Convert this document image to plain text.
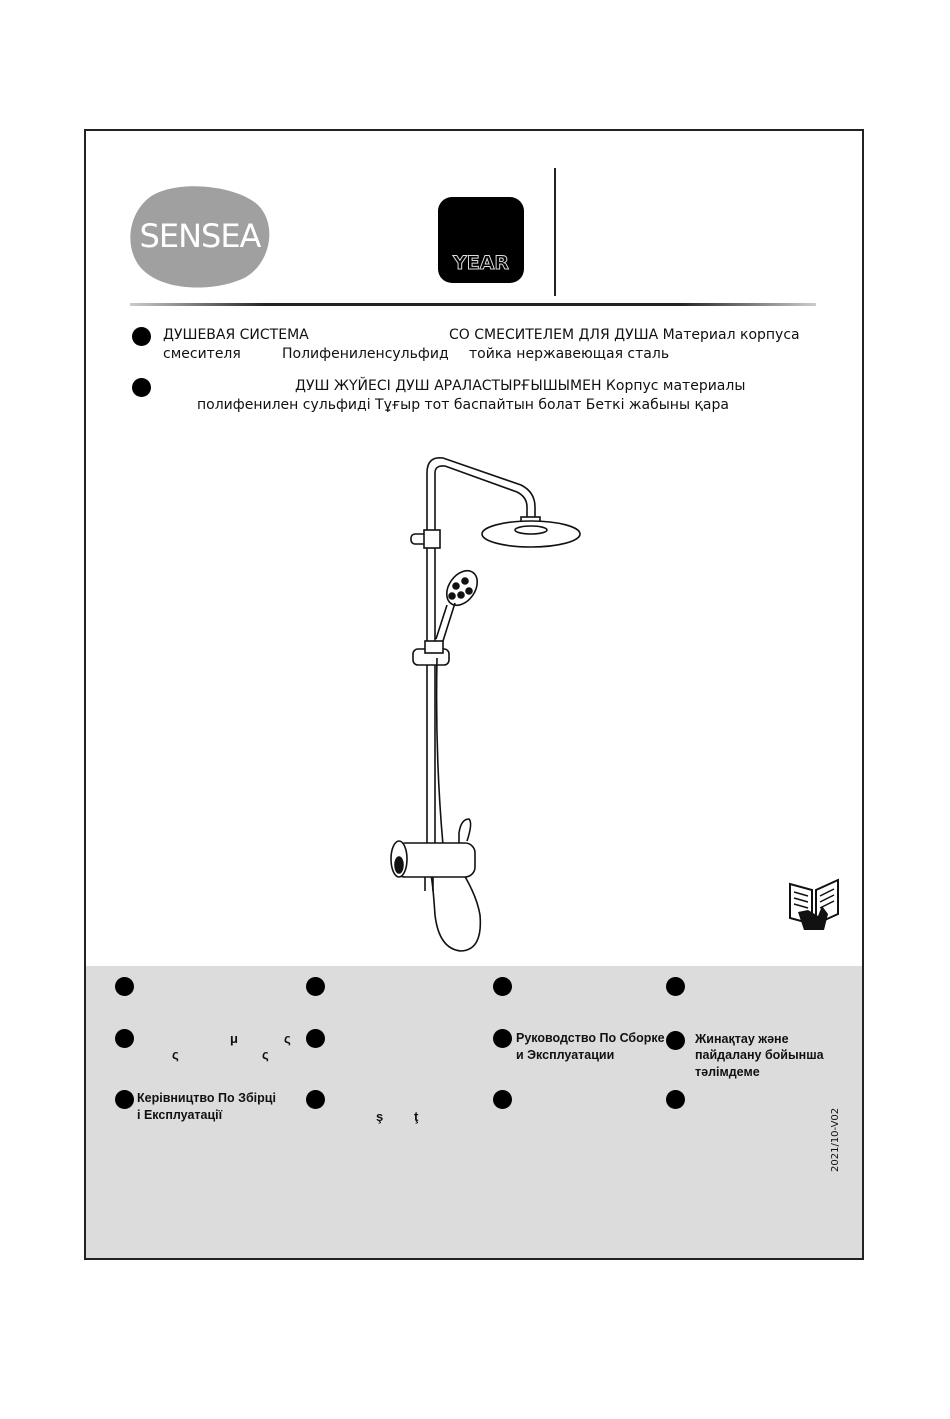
SENSEA
YEAR
ДУШЕВАЯ СИСТЕМА	СО СМЕСИТЕЛЕМ ДЛЯ ДУША Материал корпуса
смесителя	Полифениленсульфид тойка нержавеющая сталь
ДУШ ЖҮЙЕСІ ДУШ АРАЛАСТЫРҒЫШЫМЕН Корпус материалы
полифенилен сульфиді Тұғыр тот баспайтын болат Беткі жабыны қара
μ	ς
ς	ς
Руководство По Сборке
и Эксплуатации
Жинақтау және
пайдалану бойынша
тәлімдеме
Керівництво По Збірці
і Експлуатації	ş ţ	2021/10-V02
